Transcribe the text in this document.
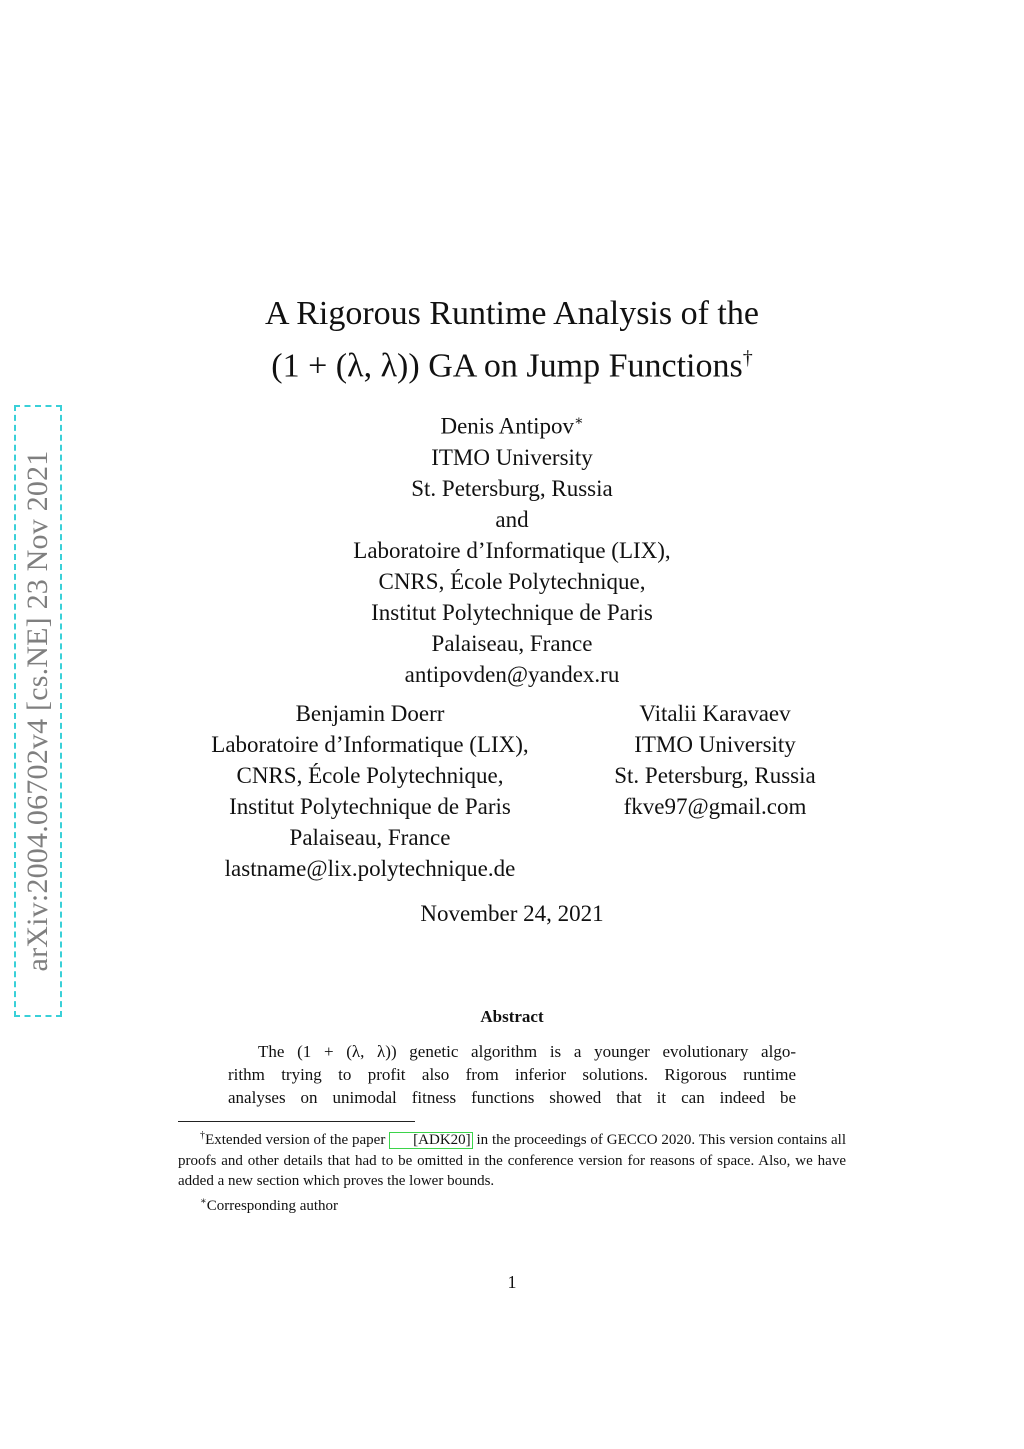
arXiv:2004.06702v4 [cs.NE] 23 Nov 2021
A Rigorous Runtime Analysis of the
(1 + (λ, λ)) GA on Jump Functions†
Denis Antipov∗
ITMO University
St. Petersburg, Russia
and
Laboratoire d’Informatique (LIX),
CNRS, École Polytechnique,
Institut Polytechnique de Paris
Palaiseau, France
antipovden@yandex.ru
Benjamin Doerr
Laboratoire d’Informatique (LIX),
CNRS, École Polytechnique,
Institut Polytechnique de Paris
Palaiseau, France
lastname@lix.polytechnique.de
Vitalii Karavaev
ITMO University
St. Petersburg, Russia
fkve97@gmail.com
November 24, 2021
Abstract
The (1 + (λ, λ)) genetic algorithm is a younger evolutionary algo-
rithm trying to profit also from inferior solutions. Rigorous runtime
analyses on unimodal fitness functions showed that it can indeed be

†Extended version of the paper [ADK20] in the proceedings of GECCO 2020. This version contains all proofs and other details that had to be omitted in the conference version for reasons of space. Also, we have added a new section which proves the lower bounds.

∗Corresponding author

1
